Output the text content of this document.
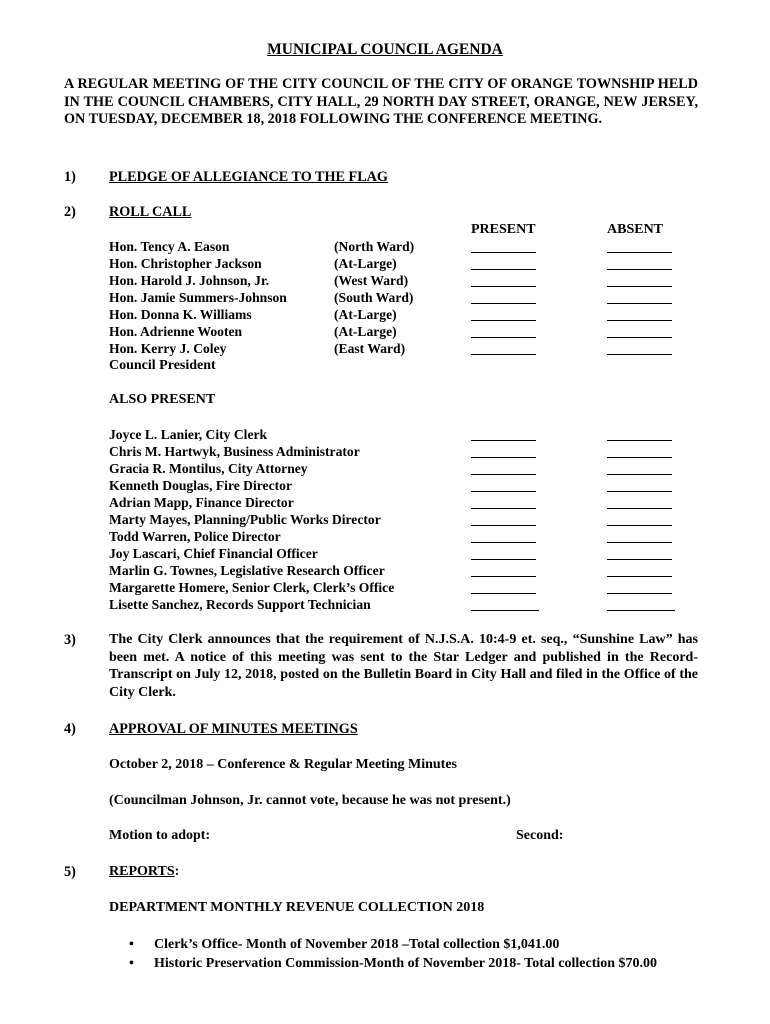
MUNICIPAL COUNCIL AGENDA
A REGULAR MEETING OF THE CITY COUNCIL OF THE CITY OF ORANGE TOWNSHIP HELD IN THE COUNCIL CHAMBERS, CITY HALL, 29 NORTH DAY STREET, ORANGE, NEW JERSEY, ON TUESDAY, DECEMBER 18, 2018 FOLLOWING THE CONFERENCE MEETING.
1) PLEDGE OF ALLEGIANCE TO THE FLAG
2) ROLL CALL
PRESENT	ABSENT
Hon. Tency A. Eason	(North Ward)
Hon. Christopher Jackson	(At-Large)
Hon. Harold J. Johnson, Jr.	(West Ward)
Hon. Jamie Summers-Johnson	(South Ward)
Hon. Donna K. Williams	(At-Large)
Hon. Adrienne Wooten	(At-Large)
Hon. Kerry J. Coley	(East Ward)
Council President
ALSO PRESENT
Joyce L. Lanier, City Clerk
Chris M. Hartwyk, Business Administrator
Gracia R. Montilus, City Attorney
Kenneth Douglas, Fire Director
Adrian Mapp, Finance Director
Marty Mayes, Planning/Public Works Director
Todd Warren, Police Director
Joy Lascari, Chief Financial Officer
Marlin G. Townes, Legislative Research Officer
Margarette Homere, Senior Clerk, Clerk’s Office
Lisette Sanchez, Records Support Technician
3) The City Clerk announces that the requirement of N.J.S.A. 10:4-9 et. seq., “Sunshine Law” has been met. A notice of this meeting was sent to the Star Ledger and published in the Record-Transcript on July 12, 2018, posted on the Bulletin Board in City Hall and filed in the Office of the City Clerk.
4) APPROVAL OF MINUTES MEETINGS
October 2, 2018 – Conference & Regular Meeting Minutes
(Councilman Johnson, Jr. cannot vote, because he was not present.)
Motion to adopt:	Second:
5) REPORTS:
DEPARTMENT MONTHLY REVENUE COLLECTION 2018
• Clerk’s Office- Month of November 2018 –Total collection $1,041.00
• Historic Preservation Commission-Month of November 2018- Total collection $70.00
